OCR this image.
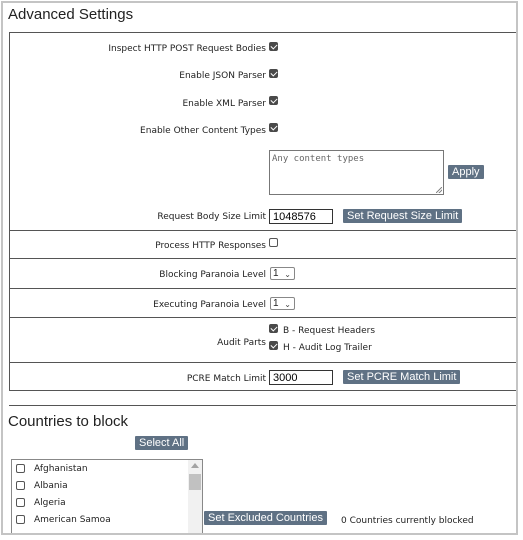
Advanced Settings
Inspect HTTP POST Request Bodies
Enable JSON Parser
Enable XML Parser
Enable Other Content Types
Any content types
Apply
Request Body Size Limit 1048576	Set Request Size Limit
Process HTTP Responses
Blocking Paranoia Level 1 ⌄
Executing Paranoia Level 1 ⌄
Audit Parts
B - Request Headers
H - Audit Log Trailer
PCRE Match Limit 3000	Set PCRE Match Limit
Countries to block
Select All
Afghanistan
Albania
Algeria
American Samoa	Set Excluded Countries	0 Countries currently blocked
